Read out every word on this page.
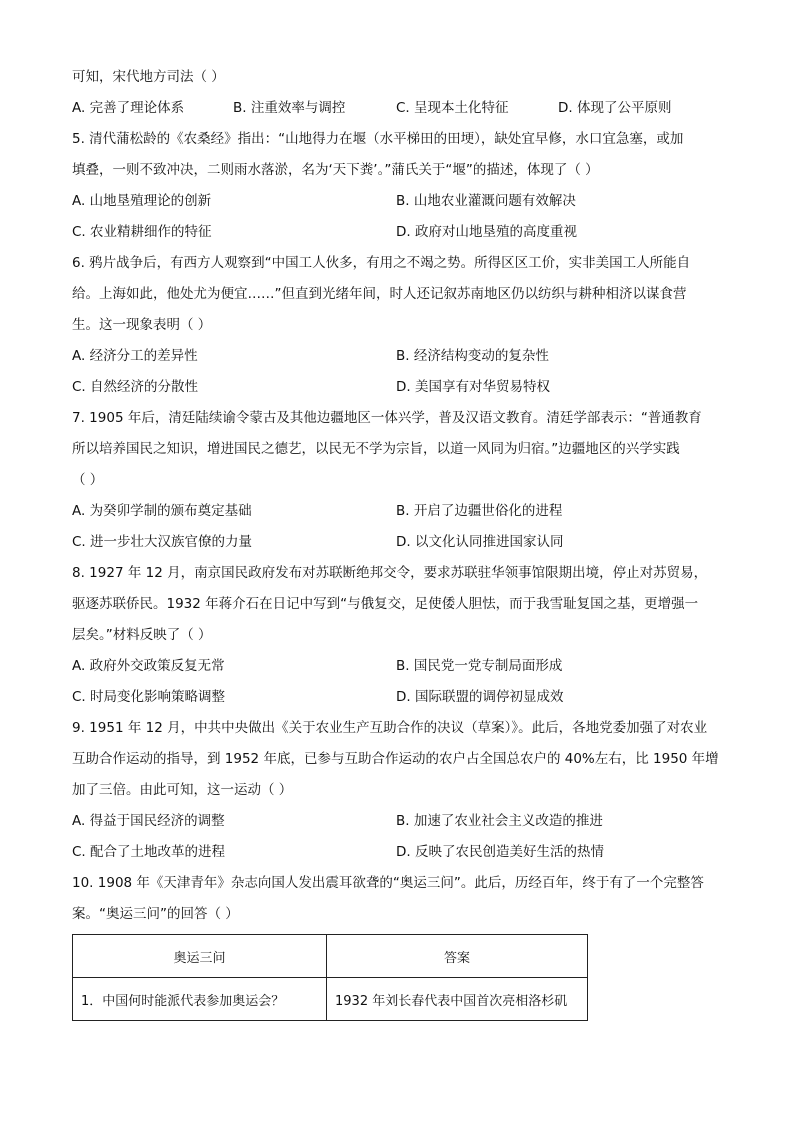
可知，宋代地方司法（ ）
A. 完善了理论体系	B. 注重效率与调控	C. 呈现本土化特征	D. 体现了公平原则
5. 清代蒲松龄的《农桑经》指出：“山地得力在堰（水平梯田的田埂），缺处宜早修，水口宜急塞，或加
填叠，一则不致冲决，二则雨水落淤，名为‘天下粪’。”蒲氏关于“堰”的描述，体现了（ ）
A. 山地垦殖理论的创新	B. 山地农业灌溉问题有效解决
C. 农业精耕细作的特征	D. 政府对山地垦殖的高度重视
6. 鸦片战争后，有西方人观察到“中国工人伙多，有用之不竭之势。所得区区工价，实非美国工人所能自
给。上海如此，他处尤为便宜……”但直到光绪年间，时人还记叙苏南地区仍以纺织与耕种相济以谋食营
生。这一现象表明（ ）
A. 经济分工的差异性	B. 经济结构变动的复杂性
C. 自然经济的分散性	D. 美国享有对华贸易特权
7. 1905 年后，清廷陆续谕令蒙古及其他边疆地区一体兴学，普及汉语文教育。清廷学部表示：“普通教育
所以培养国民之知识，增进国民之德艺，以民无不学为宗旨，以道一风同为归宿。”边疆地区的兴学实践
（ ）
A. 为癸卯学制的颁布奠定基础	B. 开启了边疆世俗化的进程
C. 进一步壮大汉族官僚的力量	D. 以文化认同推进国家认同
8. 1927 年 12 月，南京国民政府发布对苏联断绝邦交令，要求苏联驻华领事馆限期出境，停止对苏贸易，
驱逐苏联侨民。1932 年蒋介石在日记中写到“与俄复交，足使倭人胆怯，而于我雪耻复国之基，更增强一
层矣。”材料反映了（ ）
A. 政府外交政策反复无常	B. 国民党一党专制局面形成
C. 时局变化影响策略调整	D. 国际联盟的调停初显成效
9. 1951 年 12 月，中共中央做出《关于农业生产互助合作的决议（草案）》。此后，各地党委加强了对农业
互助合作运动的指导，到 1952 年底，已参与互助合作运动的农户占全国总农户的 40%左右，比 1950 年增
加了三倍。由此可知，这一运动（ ）
A. 得益于国民经济的调整	B. 加速了农业社会主义改造的推进
C. 配合了土地改革的进程	D. 反映了农民创造美好生活的热情
10. 1908 年《天津青年》杂志向国人发出震耳欲聋的“奥运三问”。此后，历经百年，终于有了一个完整答
案。“奥运三问”的回答（ ）
奥运三问	答案
1．中国何时能派代表参加奥运会？	1932 年刘长春代表中国首次亮相洛杉矶
